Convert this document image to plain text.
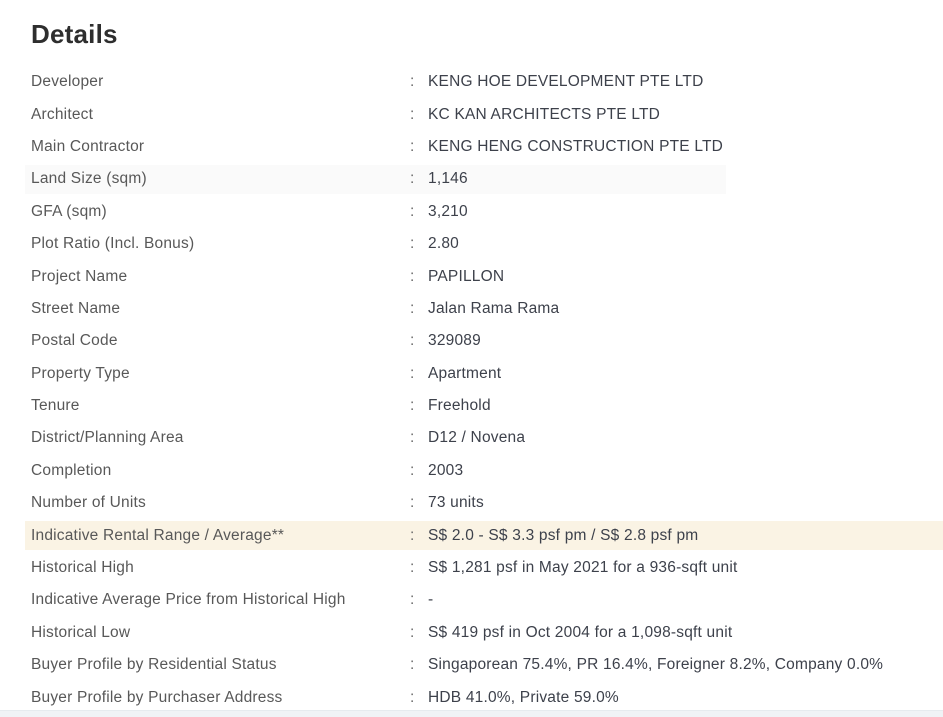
Details
Developer	: KENG HOE DEVELOPMENT PTE LTD
Architect	: KC KAN ARCHITECTS PTE LTD
Main Contractor	: KENG HENG CONSTRUCTION PTE LTD
Land Size (sqm)	: 1,146
GFA (sqm)	: 3,210
Plot Ratio (Incl. Bonus)	: 2.80
Project Name	: PAPILLON
Street Name	: Jalan Rama Rama
Postal Code	: 329089
Property Type	: Apartment
Tenure	: Freehold
District/Planning Area	: D12 / Novena
Completion	: 2003
Number of Units	: 73 units
Indicative Rental Range / Average**	: S$ 2.0 - S$ 3.3 psf pm / S$ 2.8 psf pm
Historical High	: S$ 1,281 psf in May 2021 for a 936-sqft unit
Indicative Average Price from Historical High	: -
Historical Low	: S$ 419 psf in Oct 2004 for a 1,098-sqft unit
Buyer Profile by Residential Status	: Singaporean 75.4%, PR 16.4%, Foreigner 8.2%, Company 0.0%
Buyer Profile by Purchaser Address	: HDB 41.0%, Private 59.0%
